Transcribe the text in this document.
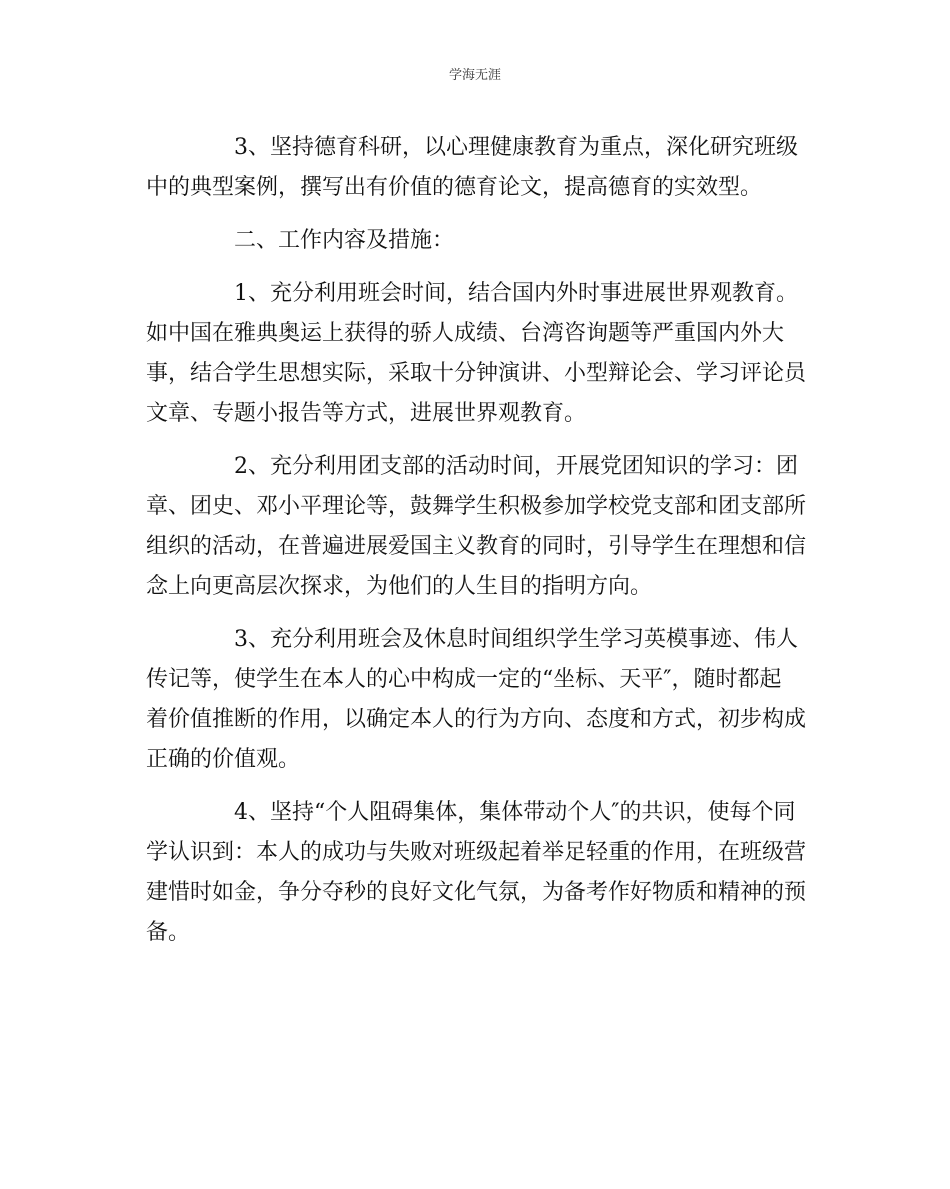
学海无涯

3、坚持德育科研，以心理健康教育为重点，深化研究班级
中的典型案例，撰写出有价值的德育论文，提高德育的实效型。

二、工作内容及措施：

1、充分利用班会时间，结合国内外时事进展世界观教育。
如中国在雅典奥运上获得的骄人成绩、台湾咨询题等严重国内外大
事，结合学生思想实际，采取十分钟演讲、小型辩论会、学习评论员
文章、专题小报告等方式，进展世界观教育。

2、充分利用团支部的活动时间，开展党团知识的学习：团
章、团史、邓小平理论等，鼓舞学生积极参加学校党支部和团支部所
组织的活动，在普遍进展爱国主义教育的同时，引导学生在理想和信
念上向更高层次探求，为他们的人生目的指明方向。

3、充分利用班会及休息时间组织学生学习英模事迹、伟人
传记等，使学生在本人的心中构成一定的“坐标、天平″，随时都起
着价值推断的作用，以确定本人的行为方向、态度和方式，初步构成
正确的价值观。

4、坚持“个人阻碍集体，集体带动个人″的共识，使每个同
学认识到：本人的成功与失败对班级起着举足轻重的作用，在班级营
建惜时如金，争分夺秒的良好文化气氛，为备考作好物质和精神的预
备。
